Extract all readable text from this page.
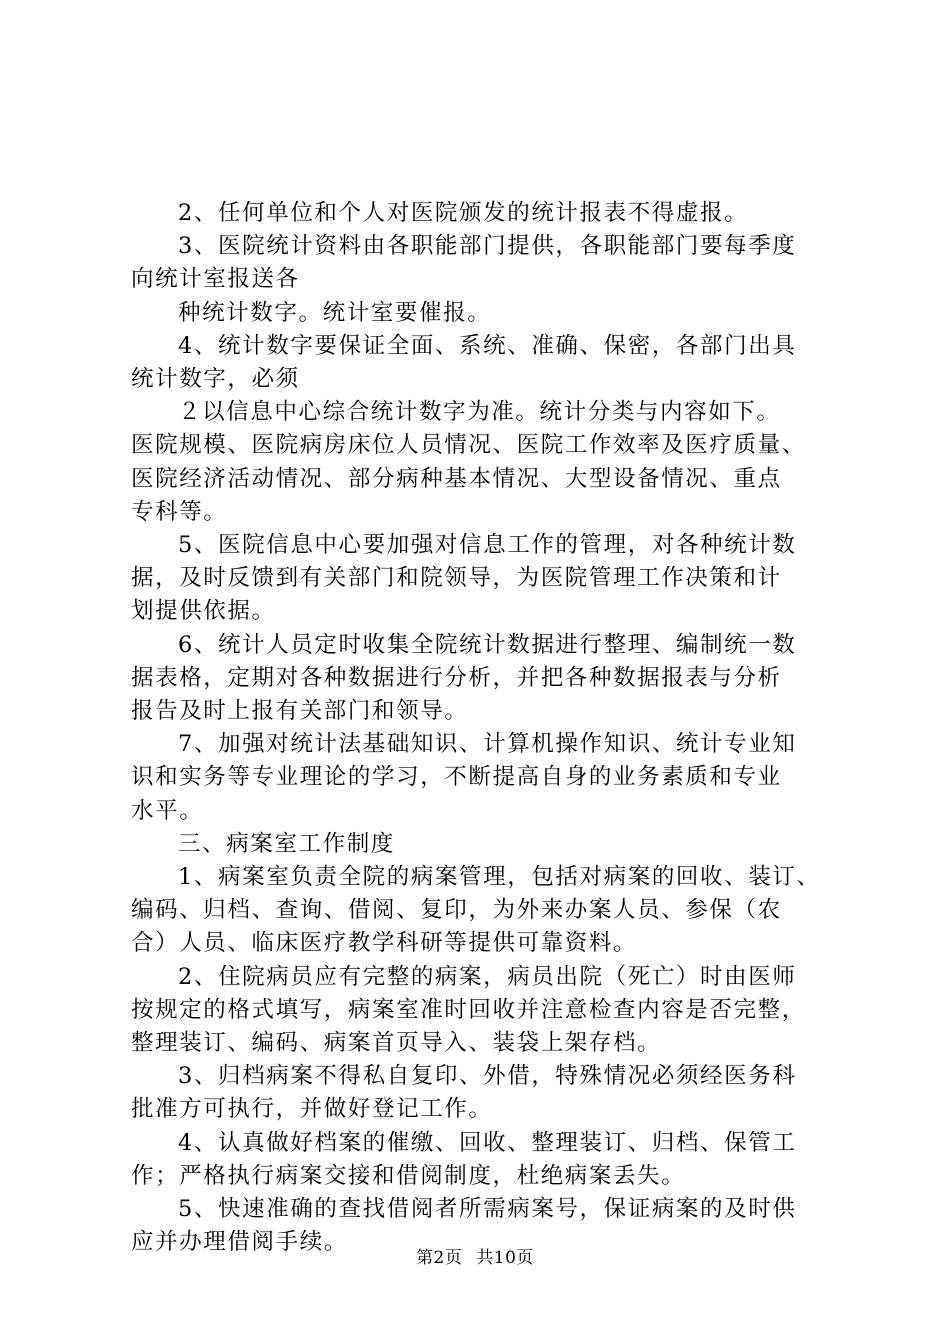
2、任何单位和个人对医院颁发的统计报表不得虚报。
3、医院统计资料由各职能部门提供，各职能部门要每季度
向统计室报送各
种统计数字。统计室要催报。
4、统计数字要保证全面、系统、准确、保密，各部门出具
统计数字，必须
２以信息中心综合统计数字为准。统计分类与内容如下。
医院规模、医院病房床位人员情况、医院工作效率及医疗质量、
医院经济活动情况、部分病种基本情况、大型设备情况、重点
专科等。
5、医院信息中心要加强对信息工作的管理，对各种统计数
据，及时反馈到有关部门和院领导，为医院管理工作决策和计
划提供依据。
6、统计人员定时收集全院统计数据进行整理、编制统一数
据表格，定期对各种数据进行分析，并把各种数据报表与分析
报告及时上报有关部门和领导。
7、加强对统计法基础知识、计算机操作知识、统计专业知
识和实务等专业理论的学习，不断提高自身的业务素质和专业
水平。
三、病案室工作制度
1、病案室负责全院的病案管理，包括对病案的回收、装订、
编码、归档、查询、借阅、复印，为外来办案人员、参保（农
合）人员、临床医疗教学科研等提供可靠资料。
2、住院病员应有完整的病案，病员出院（死亡）时由医师
按规定的格式填写，病案室准时回收并注意检查内容是否完整，
整理装订、编码、病案首页导入、装袋上架存档。
3、归档病案不得私自复印、外借，特殊情况必须经医务科
批准方可执行，并做好登记工作。
4、认真做好档案的催缴、回收、整理装订、归档、保管工
作；严格执行病案交接和借阅制度，杜绝病案丢失。
5、快速准确的查找借阅者所需病案号，保证病案的及时供
应并办理借阅手续。
第2页 共10页
